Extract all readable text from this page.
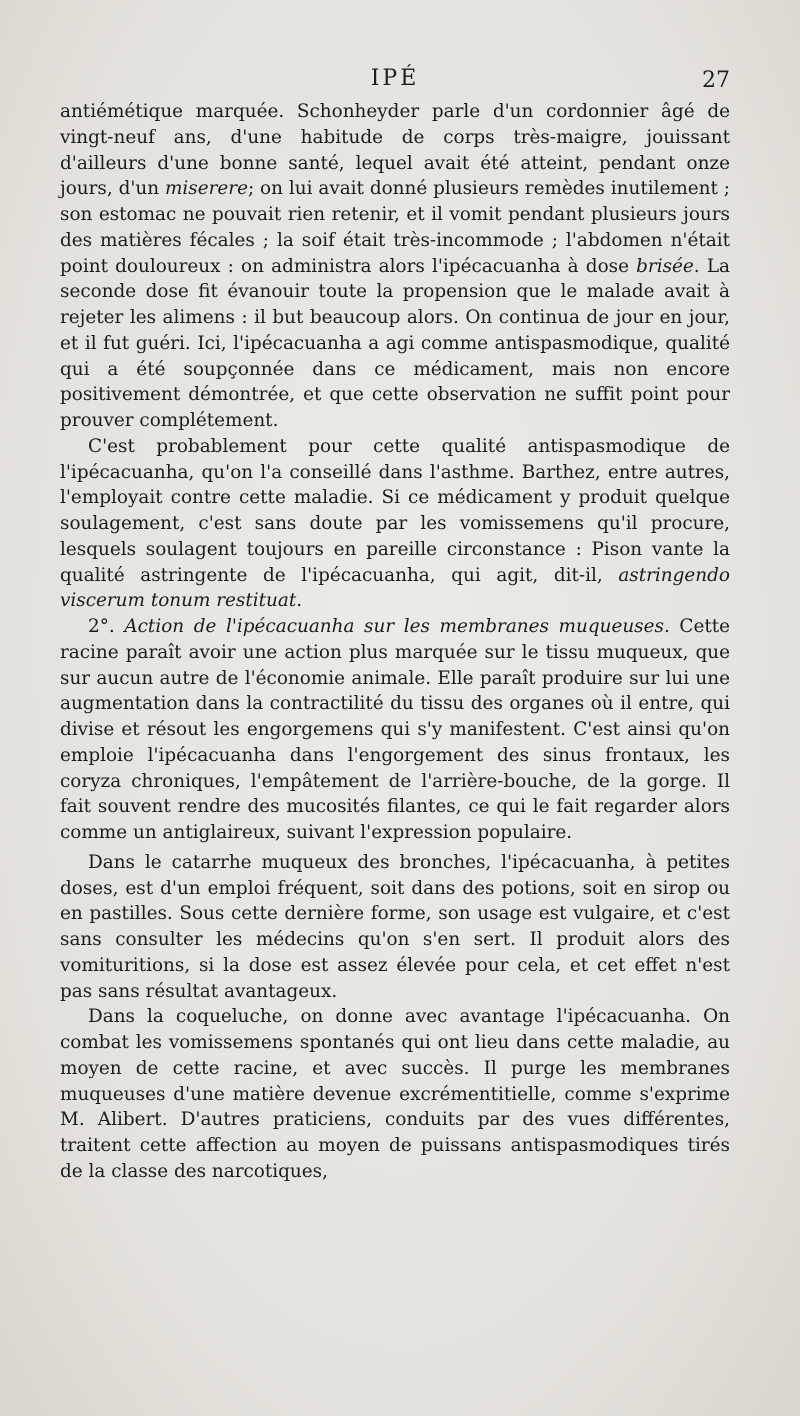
IPÉ	27

antiémétique marquée. Schonheyder parle d'un cordonnier âgé de vingt-neuf ans, d'une habitude de corps très-maigre, jouissant d'ailleurs d'une bonne santé, lequel avait été atteint, pendant onze jours, d'un miserere; on lui avait donné plusieurs remèdes inutilement ; son estomac ne pouvait rien retenir, et il vomit pendant plusieurs jours des matières fécales ; la soif était très-incommode ; l'abdomen n'était point douloureux : on administra alors l'ipécacuanha à dose brisée. La seconde dose fit évanouir toute la propension que le malade avait à rejeter les alimens : il but beaucoup alors. On continua de jour en jour, et il fut guéri. Ici, l'ipécacuanha a agi comme antispasmodique, qualité qui a été soupçonnée dans ce médicament, mais non encore positivement démontrée, et que cette observation ne suffit point pour prouver complétement.

C'est probablement pour cette qualité antispasmodique de l'ipécacuanha, qu'on l'a conseillé dans l'asthme. Barthez, entre autres, l'employait contre cette maladie. Si ce médicament y produit quelque soulagement, c'est sans doute par les vomissemens qu'il procure, lesquels soulagent toujours en pareille circonstance : Pison vante la qualité astringente de l'ipécacuanha, qui agit, dit-il, astringendo viscerum tonum restituat.

2°. Action de l'ipécacuanha sur les membranes muqueuses. Cette racine paraît avoir une action plus marquée sur le tissu muqueux, que sur aucun autre de l'économie animale. Elle paraît produire sur lui une augmentation dans la contractilité du tissu des organes où il entre, qui divise et résout les engorgemens qui s'y manifestent. C'est ainsi qu'on emploie l'ipécacuanha dans l'engorgement des sinus frontaux, les coryza chroniques, l'empâtement de l'arrière-bouche, de la gorge. Il fait souvent rendre des mucosités filantes, ce qui le fait regarder alors comme un antiglaireux, suivant l'expression populaire.

Dans le catarrhe muqueux des bronches, l'ipécacuanha, à petites doses, est d'un emploi fréquent, soit dans des potions, soit en sirop ou en pastilles. Sous cette dernière forme, son usage est vulgaire, et c'est sans consulter les médecins qu'on s'en sert. Il produit alors des vomituritions, si la dose est assez élevée pour cela, et cet effet n'est pas sans résultat avantageux.

Dans la coqueluche, on donne avec avantage l'ipécacuanha. On combat les vomissemens spontanés qui ont lieu dans cette maladie, au moyen de cette racine, et avec succès. Il purge les membranes muqueuses d'une matière devenue excrémentitielle, comme s'exprime M. Alibert. D'autres praticiens, conduits par des vues différentes, traitent cette affection au moyen de puissans antispasmodiques tirés de la classe des narcotiques,
